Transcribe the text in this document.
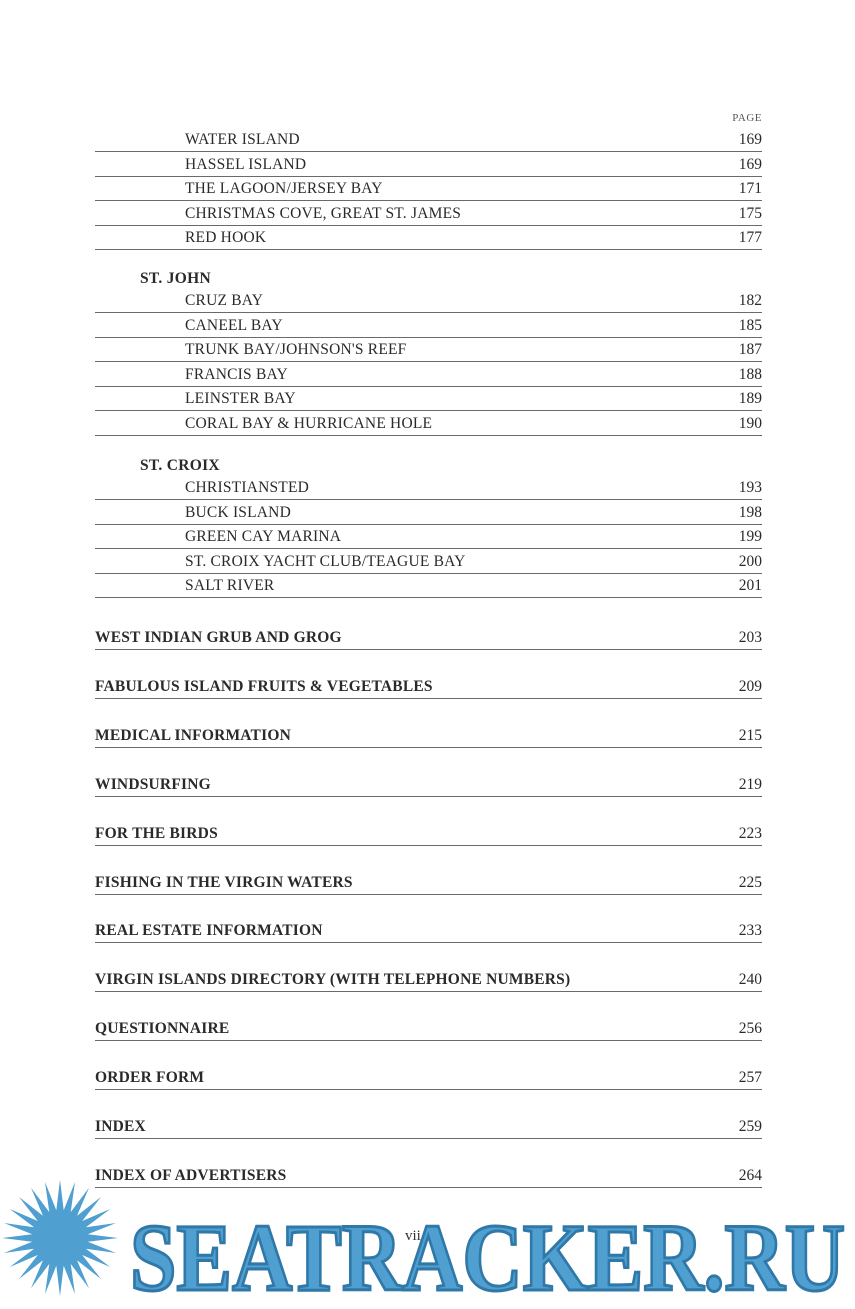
PAGE
WATER ISLAND	169
HASSEL ISLAND	169
THE LAGOON/JERSEY BAY	171
CHRISTMAS COVE, GREAT ST. JAMES	175
RED HOOK	177
ST. JOHN
CRUZ BAY	182
CANEEL BAY	185
TRUNK BAY/JOHNSON'S REEF	187
FRANCIS BAY	188
LEINSTER BAY	189
CORAL BAY & HURRICANE HOLE	190
ST. CROIX
CHRISTIANSTED	193
BUCK ISLAND	198
GREEN CAY MARINA	199
ST. CROIX YACHT CLUB/TEAGUE BAY	200
SALT RIVER	201
WEST INDIAN GRUB AND GROG	203
FABULOUS ISLAND FRUITS & VEGETABLES	209
MEDICAL INFORMATION	215
WINDSURFING	219
FOR THE BIRDS	223
FISHING IN THE VIRGIN WATERS	225
REAL ESTATE INFORMATION	233
VIRGIN ISLANDS DIRECTORY (WITH TELEPHONE NUMBERS)	240
QUESTIONNAIRE	256
ORDER FORM	257
INDEX	259
INDEX OF ADVERTISERS	264
vii
SEATRACKER.RU
